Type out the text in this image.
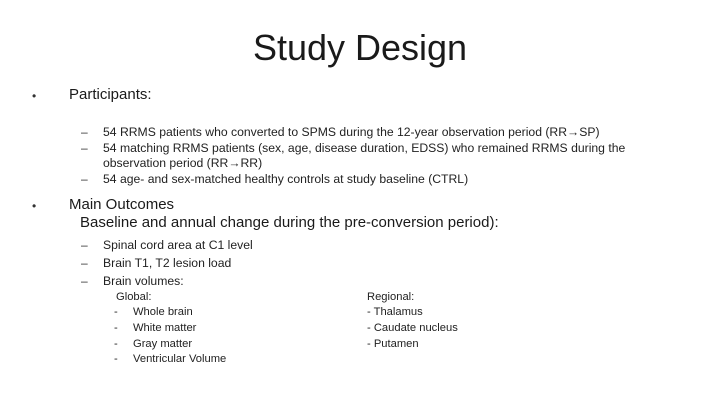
Study Design
• Participants:
– 54 RRMS patients who converted to SPMS during the 12-year observation period (RR→SP)
– 54 matching RRMS patients (sex, age, disease duration, EDSS) who remained RRMS during the
observation period (RR→RR)
– 54 age- and sex-matched healthy controls at study baseline (CTRL)
• Main Outcomes
Baseline and annual change during the pre-conversion period):
– Spinal cord area at C1 level
– Brain T1, T2 lesion load
– Brain volumes:
Global:
- Whole brain
- White matter
- Gray matter
- Ventricular Volume
Regional:
- Thalamus
- Caudate nucleus
- Putamen
